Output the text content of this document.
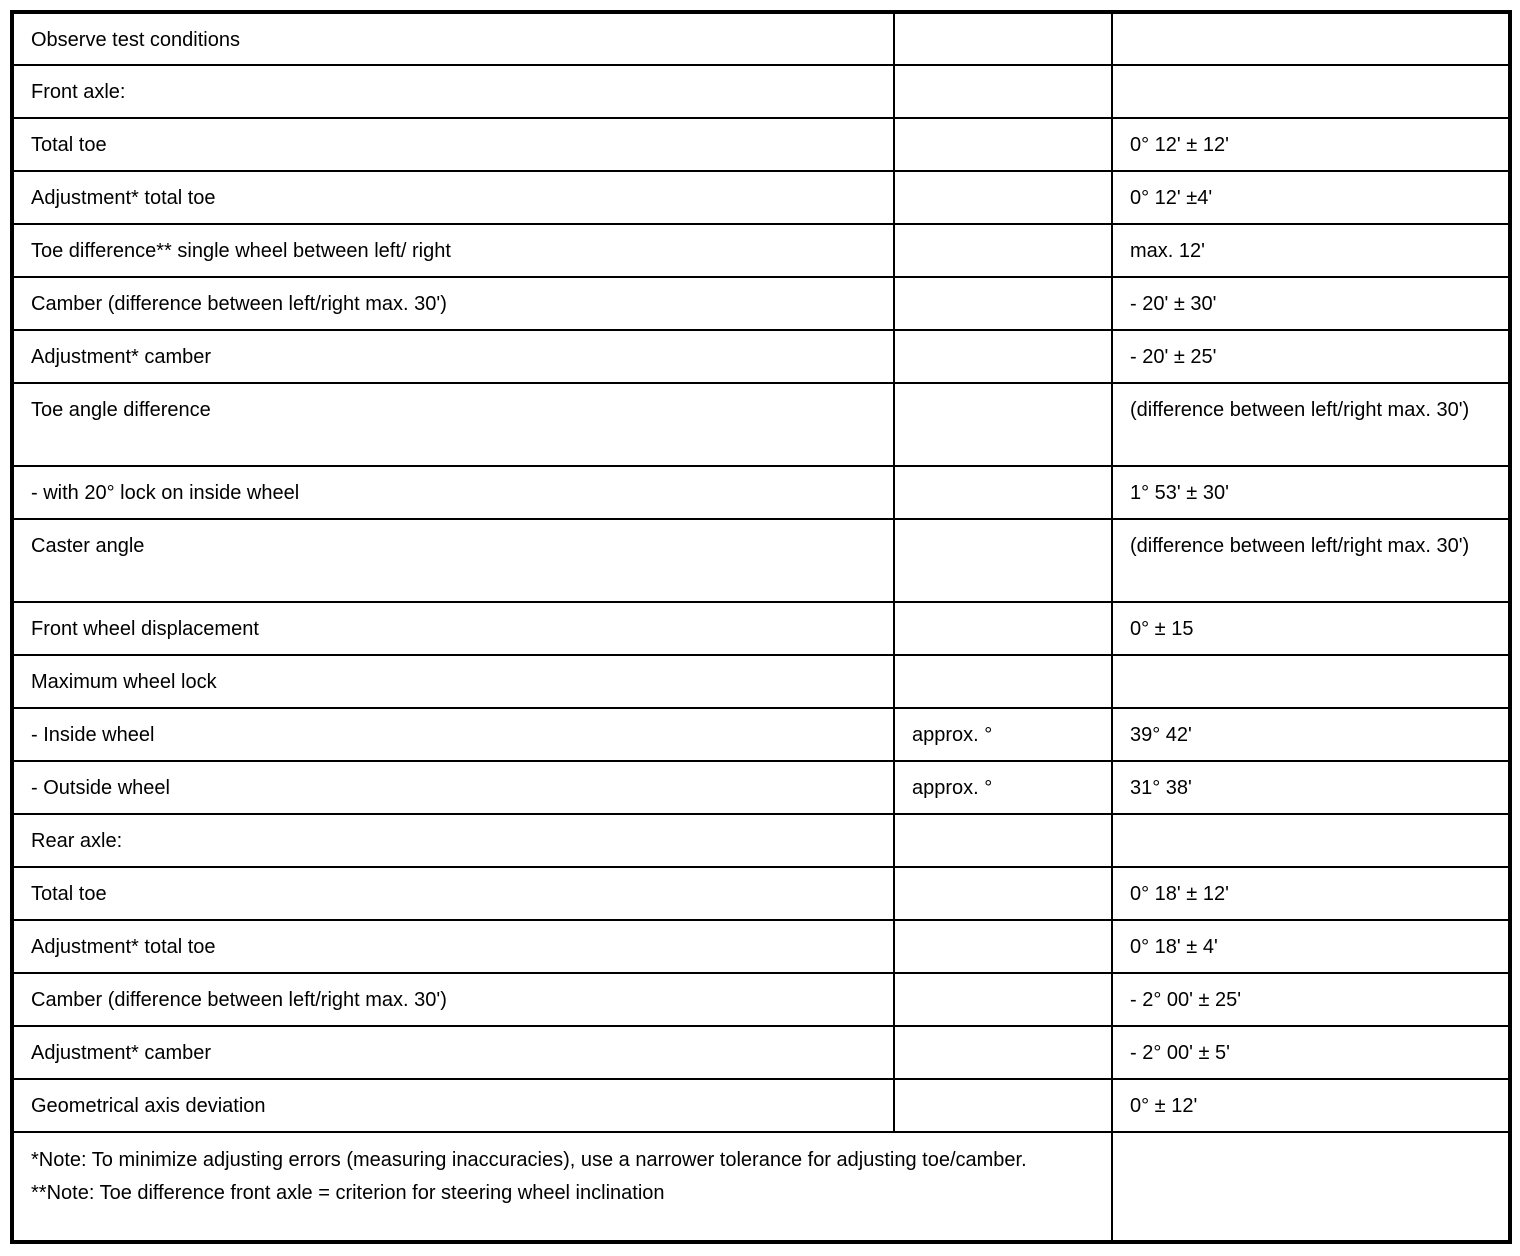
Observe test conditions		
Front axle:		
Total toe		0° 12' ± 12'
Adjustment* total toe		0° 12' ±4'
Toe difference** single wheel between left/ right		max. 12'
Camber (difference between left/right max. 30')		- 20' ± 30'
Adjustment* camber		- 20' ± 25'
Toe angle difference		(difference between left/right max. 30')
- with 20° lock on inside wheel		1° 53' ± 30'
Caster angle		(difference between left/right max. 30')
Front wheel displacement		0° ± 15
Maximum wheel lock		
- Inside wheel	approx. °	39° 42'
- Outside wheel	approx. °	31° 38'
Rear axle:		
Total toe		0° 18' ± 12'
Adjustment* total toe		0° 18' ± 4'
Camber (difference between left/right max. 30')		- 2° 00' ± 25'
Adjustment* camber		- 2° 00' ± 5'
Geometrical axis deviation		0° ± 12'

*Note: To minimize adjusting errors (measuring inaccuracies), use a narrower tolerance for adjusting toe/camber.
**Note: Toe difference front axle = criterion for steering wheel inclination		
